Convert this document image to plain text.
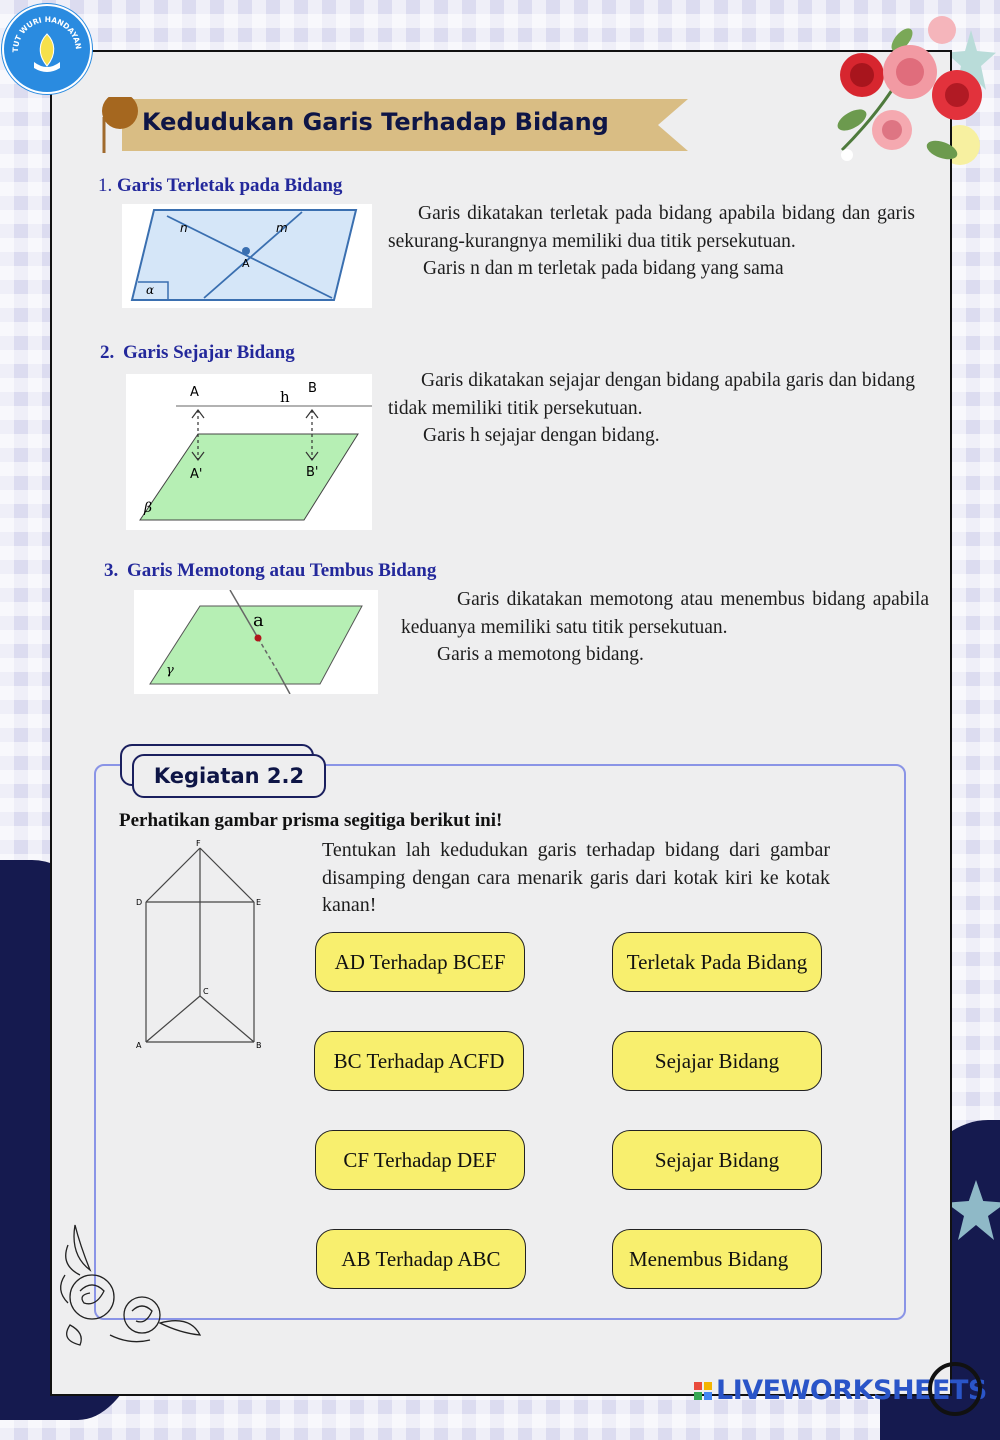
TUT WURI HANDAYAN
Kedudukan Garis Terhadap Bidang
1. Garis Terletak pada Bidang
n	m
A
α

Garis dikatakan terletak pada bidang apabila bidang dan garis sekurang-kurangnya memiliki dua titik persekutuan.

Garis n dan m terletak pada bidang yang sama

2. Garis Sejajar Bidang
A	h B
A'	B'
β

Garis dikatakan sejajar dengan bidang apabila garis dan bidang tidak memiliki titik persekutuan.

Garis h sejajar dengan bidang.

3. Garis Memotong atau Tembus Bidang
a
γ

Garis dikatakan memotong atau menembus bidang apabila keduanya memiliki satu titik persekutuan.

Garis a memotong bidang.

Kegiatan 2.2
Perhatikan gambar prisma segitiga berikut ini!
Tentukan lah kedudukan garis terhadap bidang dari gambar disamping dengan cara menarik garis dari kotak kiri ke kotak kanan!
F
D	E
C
A	B
AD Terhadap BCEF
BC Terhadap ACFD
CF Terhadap DEF
AB Terhadap ABC
Terletak Pada Bidang
Sejajar Bidang
Sejajar Bidang
Menembus Bidang
LIVEWORKSHEETS
